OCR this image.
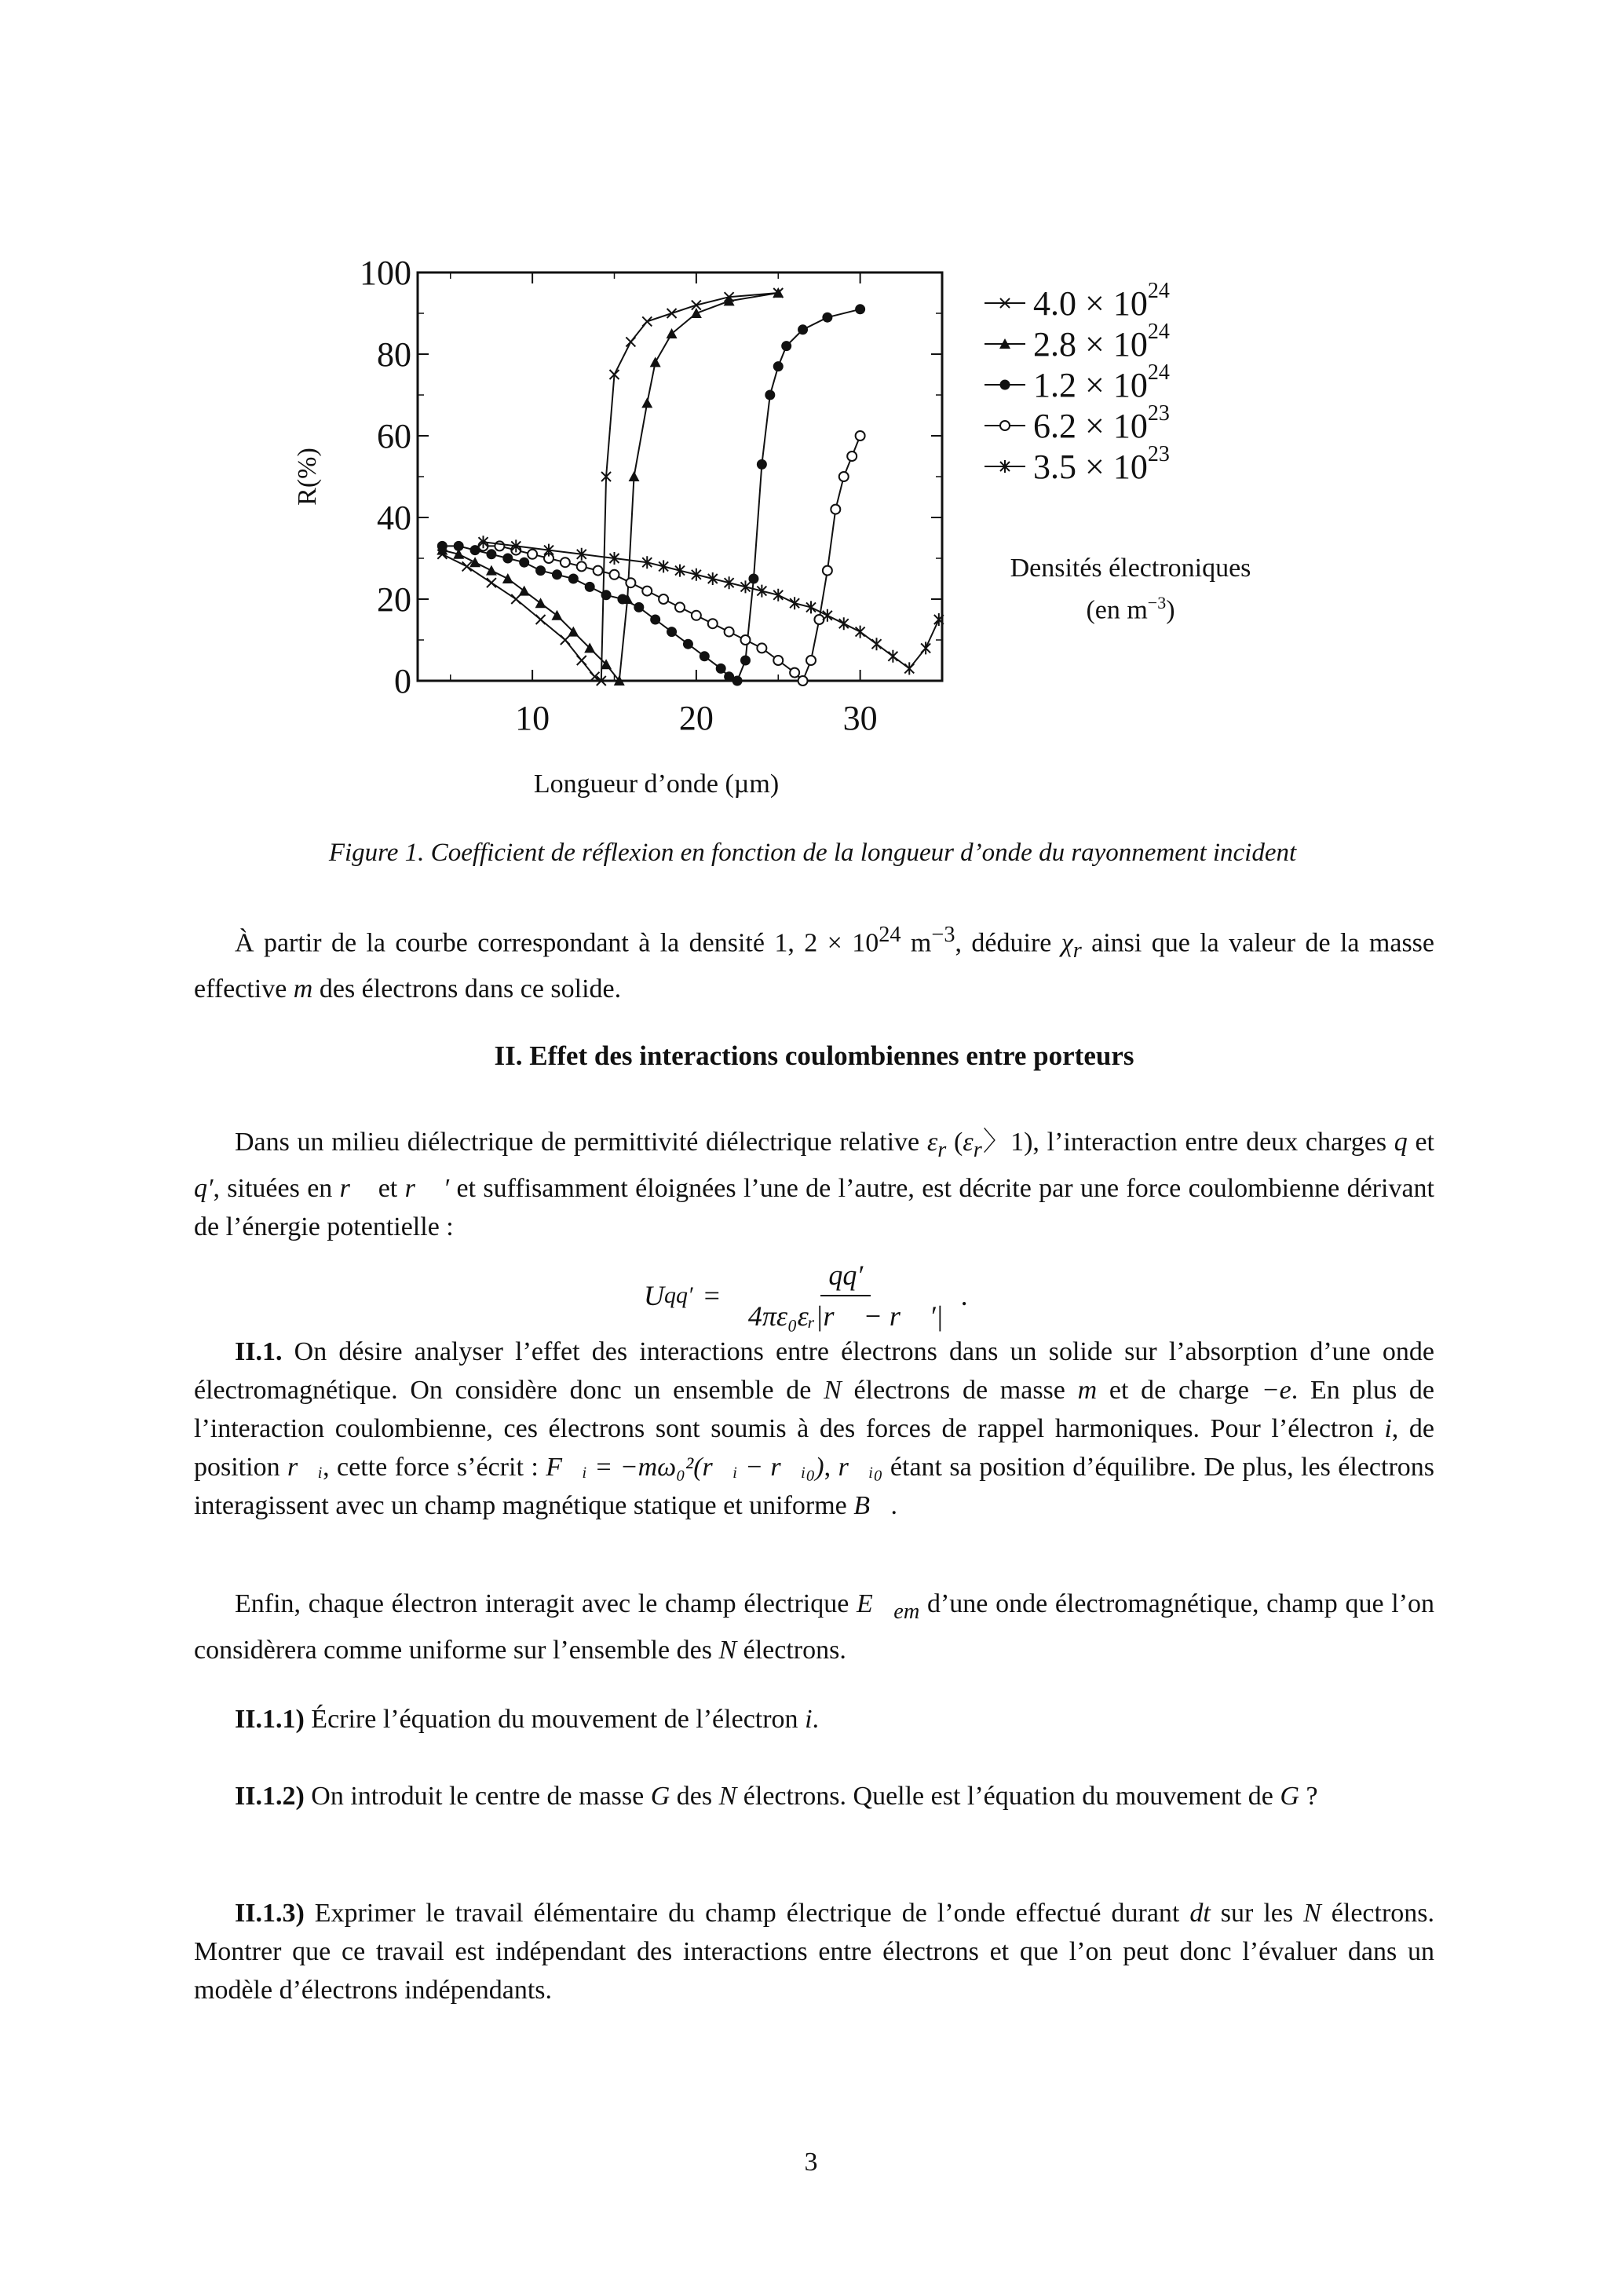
0
20
40
60
80
100
10	20	30
Longueur d’onde (µm)
R(%)
$4.0 \times 10^{24}$
$2.8 \times 10^{24}$
$1.2 \times 10^{24}$
$6.2 \times 10^{23}$
$3.5 \times 10^{23}$
Densités électroniques
(en $m^{-3}$)
Figure 1. Coefficient de réflexion en fonction de la longueur d’onde du rayonnement incident
À partir de la courbe correspondant à la densité 1, $2 \times 10^{24}$ $m^{-3}$, déduire $\chi_r$ ainsi que la valeur de la masse effective m des électrons dans ce solide.
II. Effet des interactions coulombiennes entre porteurs
Dans un milieu diélectrique de permittivité diélectrique relative $\varepsilon_r$ ($\varepsilon_r$〉1), l’interaction entre deux charges q et q′, situées en r⃗ et r⃗ ′ et suffisamment éloignées l’une de l’autre, est décrite par une force coulombienne dérivant de l’énergie potentielle :
U $qq' = \frac{qq'}{\text{4πε₀εᵣ|r⃗ − r⃗ ′|}}$ .
II.1. On désire analyser l’effet des interactions entre électrons dans un solide sur l’absorption d’une onde électromagnétique. On considère donc un ensemble de N électrons de masse m et de charge −e. En plus de l’interaction coulombienne, ces électrons sont soumis à des forces de rappel harmoniques. Pour l’électron i, de position r⃗ᵢ, cette force s’écrit : F⃗ᵢ = −mω₀²(r⃗ᵢ − r⃗ᵢ₀), r⃗ᵢ₀ étant sa position d’équilibre. De plus, les électrons interagissent avec un champ magnétique statique et uniforme B⃗.
Enfin, chaque électron interagit avec le champ électrique $E⃗_{em}$ d’une onde électromagnétique, champ que l’on considèrera comme uniforme sur l’ensemble des N électrons.
II.1.1) Écrire l’équation du mouvement de l’électron i.
II.1.2) On introduit le centre de masse G des N électrons. Quelle est l’équation du mouvement de G ?
II.1.3) Exprimer le travail élémentaire du champ électrique de l’onde effectué durant dt sur les N électrons. Montrer que ce travail est indépendant des interactions entre électrons et que l’on peut donc l’évaluer dans un modèle d’électrons indépendants.
3
